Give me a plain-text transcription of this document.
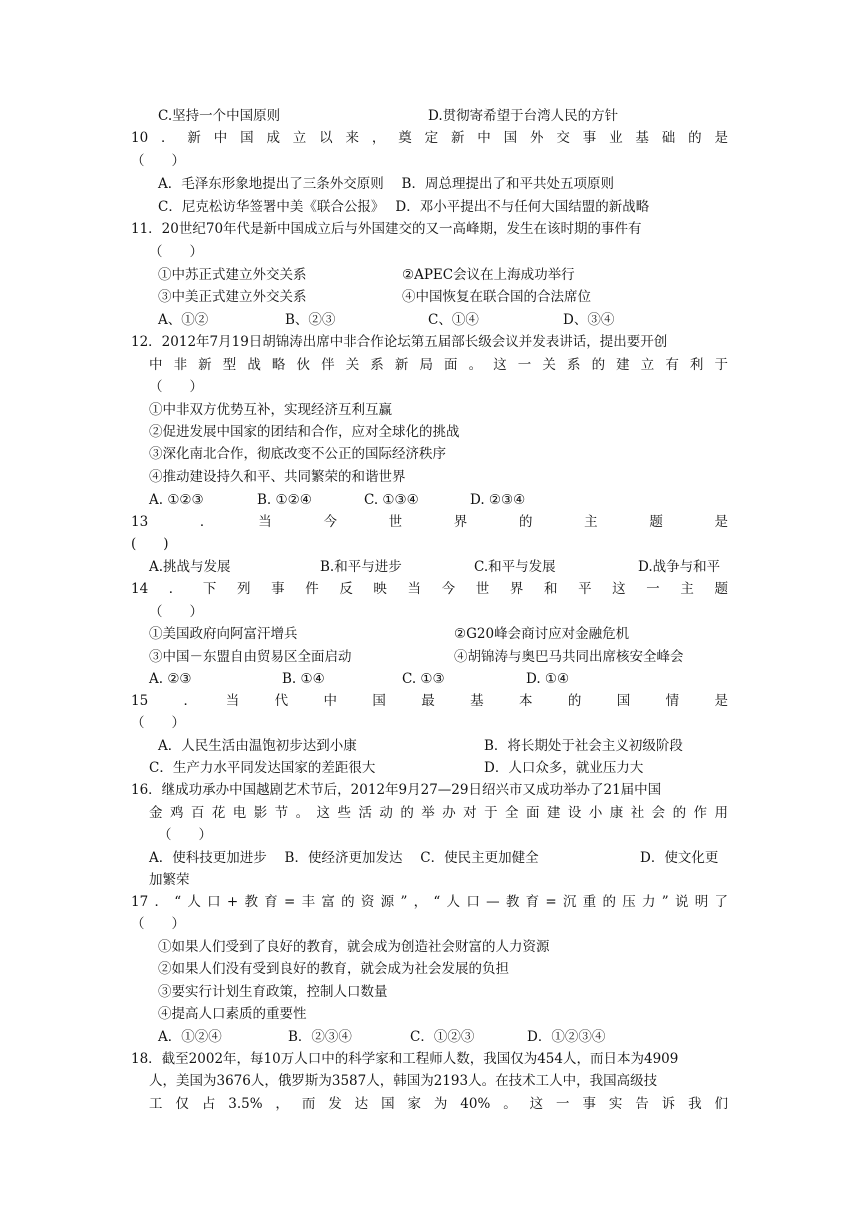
C.坚持一个中国原则	D.贯彻寄希望于台湾人民的方针
10．新中国成立以来，奠定新中国外交事业基础的是
（　　）
A．毛泽东形象地提出了三条外交原则　 B．周总理提出了和平共处五项原则
C．尼克松访华签署中美《联合公报》　 D．邓小平提出不与任何大国结盟的新战略
11．20世纪70年代是新中国成立后与外国建交的又一高峰期，发生在该时期的事件有
（　　）
①中苏正式建立外交关系	②APEC会议在上海成功举行
③中美正式建立外交关系	④中国恢复在联合国的合法席位
A、①②	B、②③	C、①④	D、③④
12．2012年7月19日胡锦涛出席中非合作论坛第五届部长级会议并发表讲话，提出要开创
中非新型战略伙伴关系新局面。这一关系的建立有利于
（　　）
①中非双方优势互补，实现经济互利互赢
②促进发展中国家的团结和合作，应对全球化的挑战
③深化南北合作，彻底改变不公正的国际经济秩序
④推动建设持久和平、共同繁荣的和谐世界
A. ①②③	B. ①②④	C. ①③④	D. ②③④
13　．　当　今　世　界　的　主　题　是
(　　)
A.挑战与发展	B.和平与进步	C.和平与发展	D.战争与和平
14．下列事件反映当今世界和平这一主题
（　　）
①美国政府向阿富汗增兵	②G20峰会商讨应对金融危机
③中国－东盟自由贸易区全面启动	④胡锦涛与奥巴马共同出席核安全峰会
A. ②③	B. ①④	C. ①③	D. ①④
15　．　当　代　中　国　最　基　本　的　国　情　是
（　　）
A．人民生活由温饱初步达到小康	B．将长期处于社会主义初级阶段
C．生产力水平同发达国家的差距很大	D．人口众多，就业压力大
16．继成功承办中国越剧艺术节后，2012年9月27—29日绍兴市又成功举办了21届中国
金鸡百花电影节。这些活动的举办对于全面建设小康社会的作用
（　　）
A．使科技更加进步　 B．使经济更加发达　 C．使民主更加健全	D．使文化更
加繁荣
17．“人口+教育=丰富的资源”，“人口—教育=沉重的压力”说明了
（　　）
①如果人们受到了良好的教育，就会成为创造社会财富的人力资源
②如果人们没有受到良好的教育，就会成为社会发展的负担
③要实行计划生育政策，控制人口数量
④提高人口素质的重要性
A．①②④	B．②③④	C．①②③	D．①②③④
18．截至2002年，每10万人口中的科学家和工程师人数，我国仅为454人，而日本为4909
人，美国为3676人，俄罗斯为3587人，韩国为2193人。在技术工人中，我国高级技
工仅占3.5%，而发达国家为40%。这一事实告诉我们
